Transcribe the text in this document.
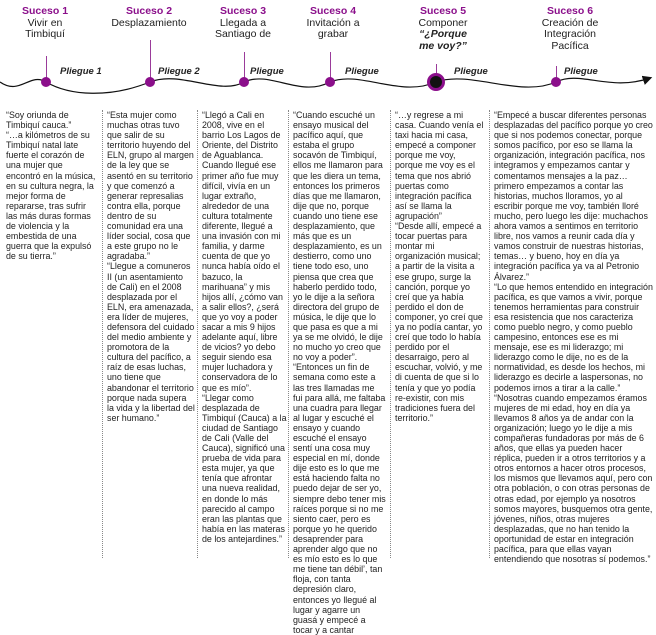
Suceso 1
Vivir en
Timbiquí
Suceso 2
Desplazamiento
Suceso 3
Llegada a
Santiago de
Suceso 4
Invitación a
grabar
Suceso 5
Componer
“¿Porque
me voy?”
Suceso 6
Creación de
Integración
Pacífica
Pliegue 1	Pliegue 2	Pliegue	Pliegue	Pliegue	Pliegue

“Soy oriunda de Timbiquí cauca.”

“…a kilómetros de su Timbiquí natal late fuerte el corazón de una mujer que encontró en la música, en su cultura negra, la mejor forma de repararse, tras sufrir las más duras formas de violencia y la embestida de una guerra que la expulsó de su tierra.”

“Esta mujer como muchas otras tuvo que salir de su territorio huyendo del ELN, grupo al margen de la ley que se asentó en su territorio y que comenzó a generar represalias contra ella, porque dentro de su comunidad era una líder social, cosa que a este grupo no le agradaba.”

“Llegue a comuneros II (un asentamiento de Cali) en el 2008 desplazada por el ELN, era amenazada, era líder de mujeres, defensora del cuidado del medio ambiente y promotora de la cultura del pacífico, a raíz de esas luchas, uno tiene que abandonar el territorio porque nada supera la vida y la libertad del ser humano.”

“Llegó a Cali en 2008, vive en el barrio Los Lagos de Oriente, del Distrito de Aguablanca. Cuando llegué ese primer año fue muy difícil, vivía en un lugar extraño, alrededor de una cultura totalmente diferente, llegué a una invasión con mi familia, y darme cuenta de que yo nunca había oído el bazuco, la marihuana” y mis hijos allí, ¿cómo van a salir ellos?, ¿será que yo voy a poder sacar a mis 9 hijos adelante aquí, libre de vicios? yo debo seguir siendo esa mujer luchadora y conservadora de lo que es mío”.

“Llegar como desplazada de Timbiquí (Cauca) a la ciudad de Santiago de Cali (Valle del Cauca), significó una prueba de vida para esta mujer, ya que tenía que afrontar una nueva realidad, en donde lo más parecido al campo eran las plantas que había en las materas de los antejardines.”

“Cuando escuché un ensayo musical del pacífico aquí, que estaba el grupo socavón de Timbiquí, ellos me llamaron para que les diera un tema, entonces los primeros días que me llamaron, dije que no, porque cuando uno tiene ese desplazamiento, que más que es un desplazamiento, es un destierro, como uno tiene todo eso, uno piensa que crea que haberlo perdido todo, yo le dije a la señora directora del grupo de música, le dije que lo que pasa es que a mi ya se me olvidó, le dije no mucho yo creo que no voy a poder”.

“Entonces un fin de semana como este a las tres llamadas me fui para allá, me faltaba una cuadra para llegar al lugar y escuché el ensayo y cuando escuché el ensayo sentí una cosa muy especial en mí, donde dije esto es lo que me está haciendo falta no puedo dejar de ser yo, siempre debo tener mis raíces porque si no me siento caer, pero es porque yo he querido desaprender para aprender algo que no es mío esto es lo que me tiene tan débil’, tan floja, con tanta depresión claro, entonces yo llegué al lugar y agarre un guasá y empecé a tocar y a cantar

“…y regrese a mi casa. Cuando venía el taxi hacia mi casa, empecé a componer porque me voy, porque me voy es el tema que nos abrió puertas como integración pacífica así se llama la agrupación”

“Desde allí, empecé a tocar puertas para montar mi organización musical; a partir de la visita a ese grupo, surge la canción, porque yo creí que ya había perdido el don de componer, yo creí que ya no podía cantar, yo creí que todo lo había perdido por el desarraigo, pero al escuchar, volvió, y me di cuenta de que si lo tenía y que yo podía re-existir, con mis tradiciones fuera del territorio.”

“Empecé a buscar diferentes personas desplazadas del pacífico porque yo creo que si nos podemos conectar, porque somos pacífico, por eso se llama la organización, integración pacífica, nos integramos y empezamos cantar y comentamos mensajes a la paz… primero empezamos a contar las historias, muchos lloramos, yo al escribir porque me voy, también lloré mucho, pero luego les dije: muchachos ahora vamos a sentimos en territorio libre, nos vamos a reunir cada día y vamos construir de nuestras historias, temas… y bueno, hoy en día ya integración pacífica ya va al Petronio Álvarez.”

“Lo que hemos entendido en integración pacífica, es que vamos a vivir, porque tenemos herramientas para construir esa resistencia que nos caracteriza como pueblo negro, y como pueblo campesino, entonces ese es mi mensaje, ese es mi liderazgo; mi liderazgo como le dije, no es de la normatividad, es desde los hechos, mi liderazgo es decirle a laspersonas, no podemos irnos a tirar a la calle.”

“Nosotras cuando empezamos éramos mujeres de mi edad, hoy en día ya llevamos 8 años ya de andar con la organización; luego yo le dije a mis compañeras fundadoras por más de 6 años, que ellas ya pueden hacer réplica, pueden ir a otros territorios y a otros entornos a hacer otros procesos, los mismos que llevamos aquí, pero con otra población, o con otras personas de otras edad, por ejemplo ya nosotros somos mayores, busquemos otra gente, jóvenes, niños, otras mujeres desplazadas, que no han tenido la oportunidad de estar en integración pacífica, para que ellas vayan entendiendo que nosotras sí podemos.”
